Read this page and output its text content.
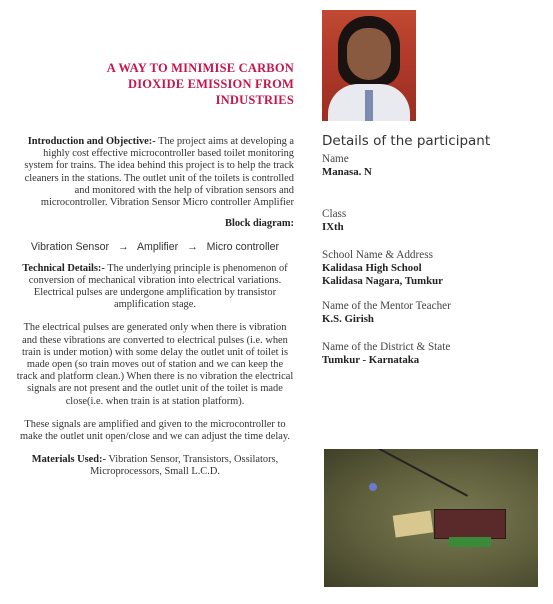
A WAY TO MINIMISE CARBON DIOXIDE EMISSION FROM INDUSTRIES

Introduction and Objective:- The project aims at developing a highly cost effective microcontroller based toilet monitoring system for trains. The idea behind this project is to help the track cleaners in the stations. The outlet unit of the toilets is controlled and monitored with the help of vibration sensors and microcontroller. Vibration Sensor Micro controller Amplifier

Block diagram:

Vibration Sensor → Amplifier → Micro controller

Technical Details:- The underlying principle is phenomenon of conversion of mechanical vibration into electrical variations. Electrical pulses are undergone amplification by transistor amplification stage.

The electrical pulses are generated only when there is vibration and these vibrations are converted to electrical pulses (i.e. when train is under motion) with some delay the outlet unit of toilet is made open (so train moves out of station and we can keep the track and platform clean.) When there is no vibration the electrical signals are not present and the outlet unit of the toilet is made close(i.e. when train is at station platform).

These signals are amplified and given to the microcontroller to make the outlet unit open/close and we can adjust the time delay.

Materials Used:- Vibration Sensor, Transistors, Ossilators, Microprocessors, Small L.C.D.

Details of the participant
Name
Manasa. N
Class
IXth
School Name & Address
Kalidasa High School
Kalidasa Nagara, Tumkur
Name of the Mentor Teacher
K.S. Girish
Name of the District & State
Tumkur - Karnataka
